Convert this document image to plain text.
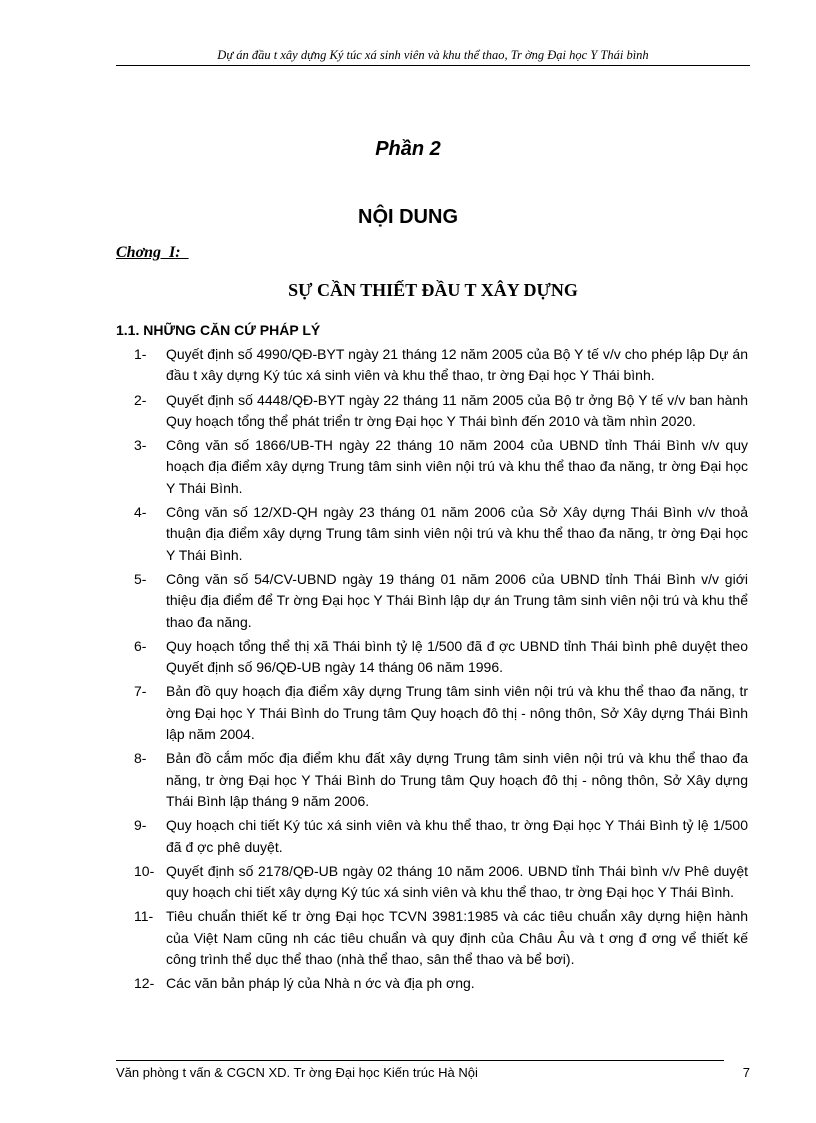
Dự án đầu t xây dựng Ký túc xá sinh viên và khu thể thao, Tr ờng Đại học Y Thái bình
Phần 2
NỘI DUNG
Chơng  I:
SỰ CẦN THIẾT ĐẦU T XÂY DỰNG
1.1. NHỮNG CĂN CỨ PHÁP LÝ
1-	Quyết định số 4990/QĐ-BYT ngày 21 tháng 12 năm 2005 của Bộ Y tế v/v cho phép lập Dự án đầu t xây dựng Ký túc xá sinh viên và khu thể thao, tr ờng Đại học Y Thái bình.
2-	Quyết định số 4448/QĐ-BYT ngày 22 tháng 11 năm 2005 của Bộ tr ởng Bộ Y tế v/v ban hành Quy hoạch tổng thể phát triển tr ờng Đại học Y Thái bình đến 2010 và tầm nhìn 2020.
3-	Công văn số 1866/UB-TH ngày 22 tháng 10 năm 2004 của UBND tỉnh Thái Bình v/v quy hoạch địa điểm xây dựng Trung tâm sinh viên nội trú và khu thể thao đa năng, tr ờng Đại học Y Thái Bình.
4-	Công văn số 12/XD-QH ngày 23 tháng 01 năm 2006 của Sở Xây dựng Thái Bình v/v thoả thuận địa điểm xây dựng Trung tâm sinh viên nội trú và khu thể thao đa năng, tr ờng Đại học Y Thái Bình.
5-	Công văn số 54/CV-UBND ngày 19 tháng 01 năm 2006 của UBND tỉnh Thái Bình v/v giới thiệu địa điểm để Tr ờng Đại học Y Thái Bình lập dự án Trung tâm sinh viên nội trú và khu thể thao đa năng.
6-	Quy hoạch tổng thể thị xã Thái bình tỷ lệ 1/500 đã đ ợc UBND tỉnh Thái bình phê duyệt theo Quyết định số 96/QĐ-UB ngày 14 tháng 06 năm 1996.
7-	Bản đồ quy hoạch địa điểm xây dựng Trung tâm sinh viên nội trú và khu thể thao đa năng, tr ờng Đại học Y Thái Bình do Trung tâm Quy hoạch đô thị - nông thôn, Sở Xây dựng Thái Bình lập năm 2004.
8-	Bản đồ cắm mốc địa điểm khu đất xây dựng Trung tâm sinh viên nội trú và khu thể thao đa năng, tr ờng Đại học Y Thái Bình do Trung tâm Quy hoạch đô thị - nông thôn, Sở Xây dựng Thái Bình lập tháng 9 năm 2006.
9-	Quy hoạch chi tiết Ký túc xá sinh viên và khu thể thao, tr ờng Đại học Y Thái Bình tỷ lệ 1/500 đã đ ợc phê duyệt.
10- Quyết định số 2178/QĐ-UB ngày 02 tháng 10 năm 2006. UBND tỉnh Thái bình v/v Phê duyệt quy hoạch chi tiết xây dựng Ký túc xá sinh viên và khu thể thao, tr ờng Đại học Y Thái Bình.
11- Tiêu chuẩn thiết kế tr ờng Đại học TCVN 3981:1985 và các tiêu chuẩn xây dựng hiện hành của Việt Nam cũng nh các tiêu chuẩn và quy định của Châu Âu và t ơng đ ơng vể thiết kế công trình thể dục thể thao (nhà thể thao, sân thể thao và bể bơi).
12- Các văn bản pháp lý của Nhà n ớc và địa ph ơng.
Văn phòng t vấn & CGCN XD. Tr ờng Đại học Kiến trúc Hà Nội	7
